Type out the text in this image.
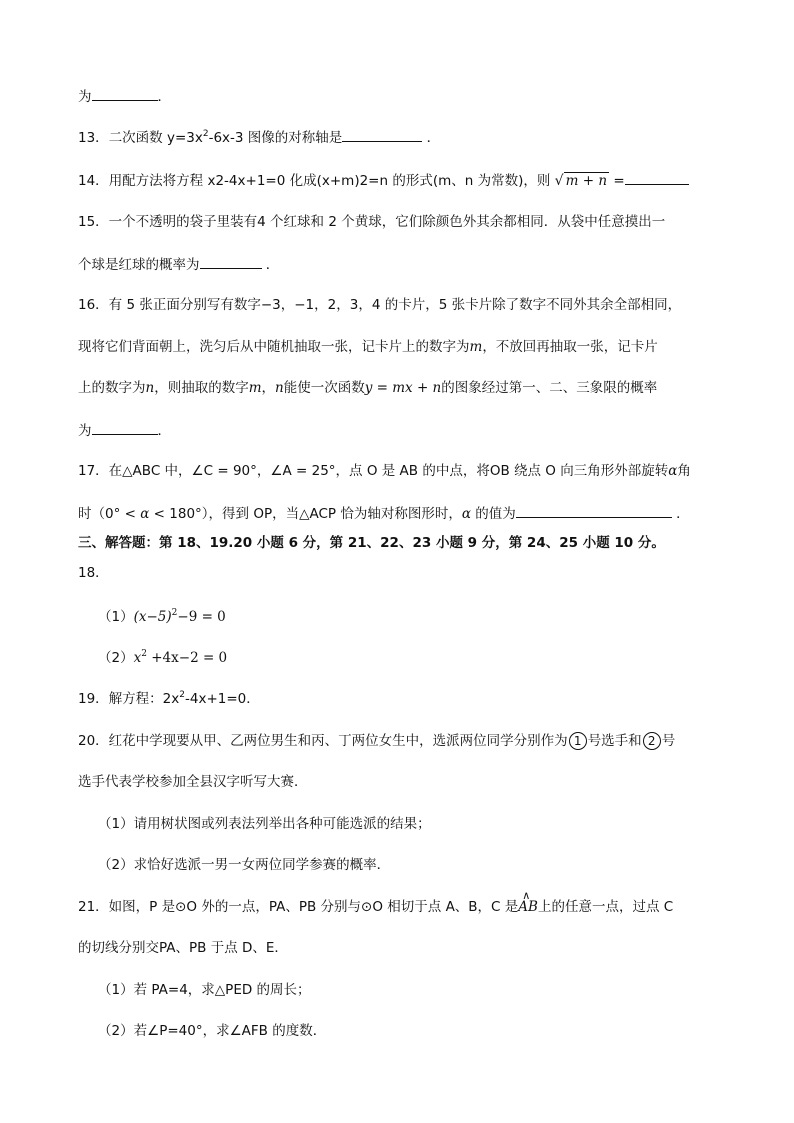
为	．
13．二次函数 $y=3x^2-6x-3$ 图像的对称轴是	．
14．用配方法将方程 x2-4x+1=0 化成(x+m)2=n 的形式(m、n 为常数)，则 √ m + n =
15．一个不透明的袋子里装有4 个红球和 2 个黄球，它们除颜色外其余都相同．从袋中任意摸出一
个球是红球的概率为	．
16．有 5 张正面分别写有数字−3，−1，2，3，4 的卡片，5 张卡片除了数字不同外其余全部相同，
现将它们背面朝上，洗匀后从中随机抽取一张，记卡片上的数字为m，不放回再抽取一张，记卡片
上的数字为n，则抽取的数字m，n能使一次函数y = mx + n的图象经过第一、二、三象限的概率
为	．
17．在△ABC 中，∠C = 90°，∠A = 25°，点 O 是 AB 的中点，将OB 绕点 O 向三角形外部旋转α角
时（0° < α < 180°），得到 OP，当△ACP 恰为轴对称图形时，α 的值为	．
三、解答题：第 18、19.20 小题 6 分，第 21、22、23 小题 9 分，第 24、25 小题 10 分。
18．
$(1)(x-5)^2-9 = 0$
$(2)x^2 +4x-2 = 0$
19．解方程：$2x^2-4x+1=0$．
20．红花中学现要从甲、乙两位男生和丙、丁两位女生中，选派两位同学分别作为 1 号选手和 2 号
选手代表学校参加全县汉字听写大赛．
（1）请用树状图或列表法列举出各种可能选派的结果；
（2）求恰好选派一男一女两位同学参赛的概率．
21．如图，P 是⊙O 外的一点，PA、PB 分别与⊙O 相切于点 A、B，C 是
∧
AB上的任意一点，过点 C
的切线分别交PA、PB 于点 D、E．
（1）若 PA=4，求△PED 的周长；
（2）若∠P=40°，求∠AFB 的度数．
